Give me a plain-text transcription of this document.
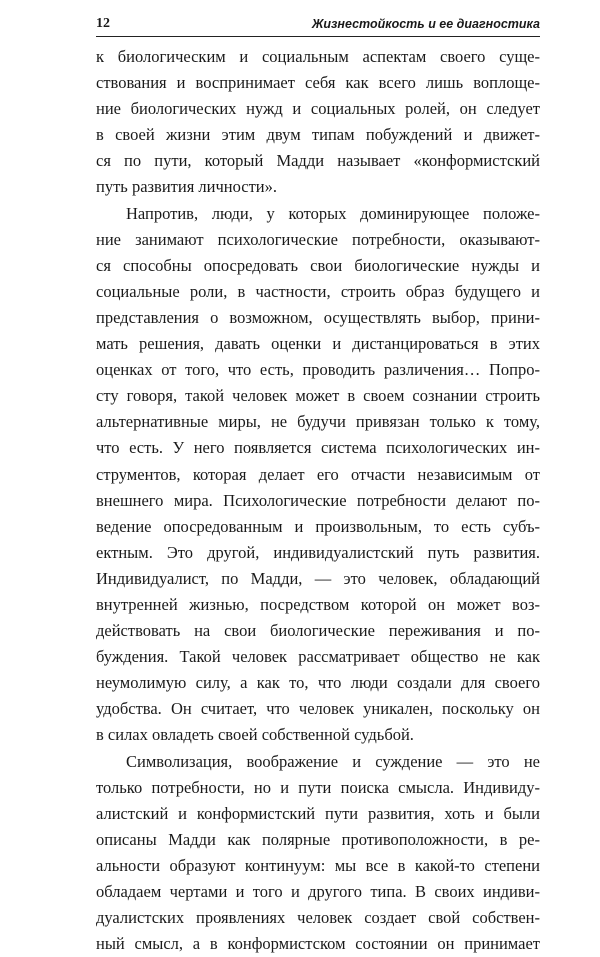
12	Жизнестойкость и ее диагностика
к биологическим и социальным аспектам своего суще-
ствования и воспринимает себя как всего лишь воплоще-
ние биологических нужд и социальных ролей, он следует
в своей жизни этим двум типам побуждений и движет-
ся по пути, который Мадди называет «конформистский
путь развития личности».
Напротив, люди, у которых доминирующее положе-
ние занимают психологические потребности, оказывают-
ся способны опосредовать свои биологические нужды и
социальные роли, в частности, строить образ будущего и
представления о возможном, осуществлять выбор, прини-
мать решения, давать оценки и дистанцироваться в этих
оценках от того, что есть, проводить различения… Попро-
сту говоря, такой человек может в своем сознании строить
альтернативные миры, не будучи привязан только к тому,
что есть. У него появляется система психологических ин-
струментов, которая делает его отчасти независимым от
внешнего мира. Психологические потребности делают по-
ведение опосредованным и произвольным, то есть субъ-
ектным. Это другой, индивидуалистский путь развития.
Индивидуалист, по Мадди, — это человек, обладающий
внутренней жизнью, посредством которой он может воз-
действовать на свои биологические переживания и по-
буждения. Такой человек рассматривает общество не как
неумолимую силу, а как то, что люди создали для своего
удобства. Он считает, что человек уникален, поскольку он
в силах овладеть своей собственной судьбой.
Символизация, воображение и суждение — это не
только потребности, но и пути поиска смысла. Индивиду-
алистский и конформистский пути развития, хоть и были
описаны Мадди как полярные противоположности, в ре-
альности образуют континуум: мы все в какой-то степени
обладаем чертами и того и другого типа. В своих индиви-
дуалистских проявлениях человек создает свой собствен-
ный смысл, а в конформистском состоянии он принимает
